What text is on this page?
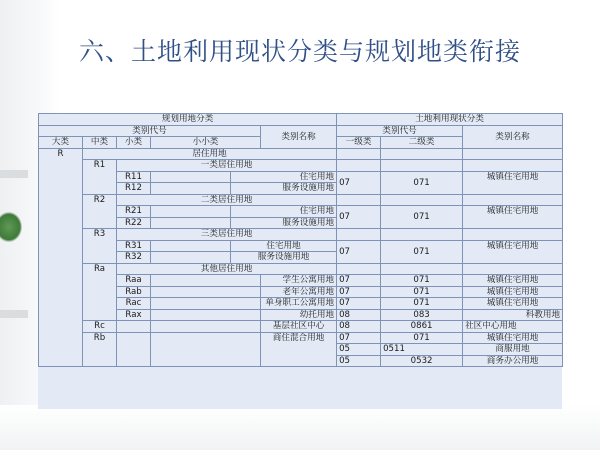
六、土地利用现状分类与规划地类衔接
规划用地分类						土地利用现状分类		
类别代号					类别名称	类别代号		类别名称
大类	中类	小类	小小类			一级类	二级类	
R	居住用地							
	R1	一类居住用地						
		R11		住宅用地		07	071	城镇住宅用地
		R12		服务设施用地				
	R2	二类居住用地						
		R21		住宅用地		07	071	城镇住宅用地
		R22		服务设施用地				
	R3	三类居住用地						
		R31		住宅用地		07	071	城镇住宅用地
		R32		服务设施用地				
	Ra	其他居住用地						
		Raa			学生公寓用地	07	071	城镇住宅用地
		Rab			老年公寓用地	07	071	城镇住宅用地
		Rac			单身职工公寓用地	07	071	城镇住宅用地
		Rax			幼托用地	08	083	科教用地
	Rc				基层社区中心	08	0861	社区中心用地
	Rb				商住混合用地	07	071	城镇住宅用地

						05	0511	商服用地
						05	0532	商务办公用地
